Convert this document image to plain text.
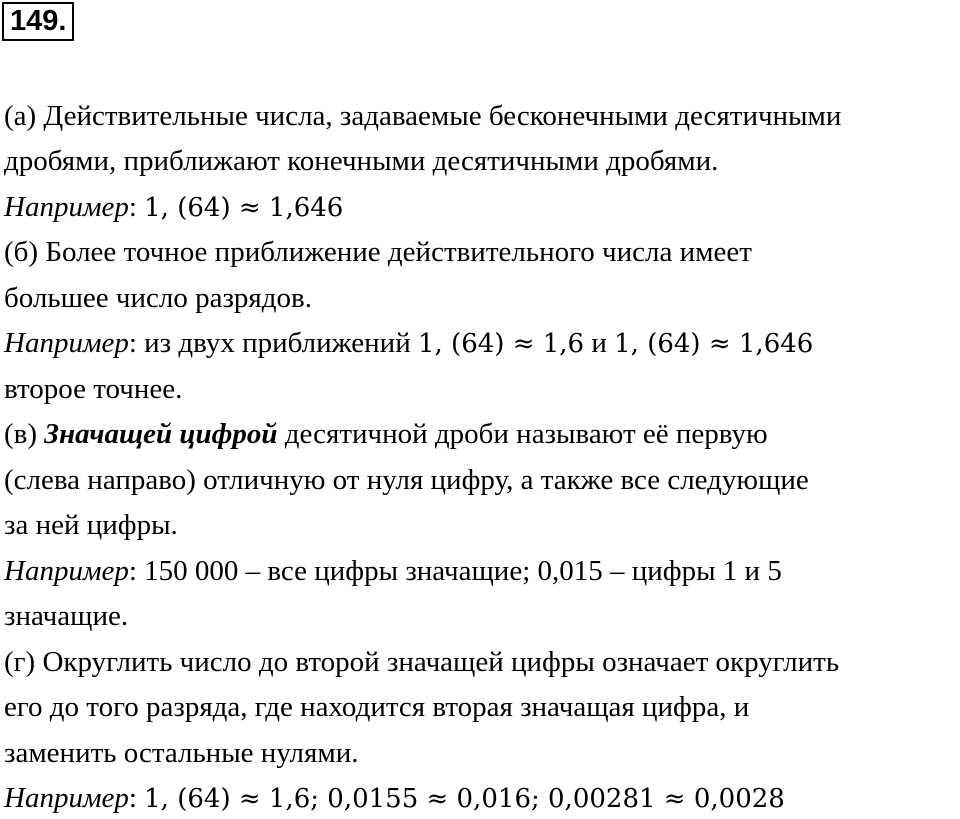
149.
(а) Действительные числа, задаваемые бесконечными десятичными
дробями, приближают конечными десятичными дробями.
Например: 1, (64) ≈ 1,646
(б) Более точное приближение действительного числа имеет
большее число разрядов.
Например: из двух приближений 1, (64) ≈ 1,6 и 1, (64) ≈ 1,646
второе точнее.
(в) Значащей цифрой десятичной дроби называют её первую
(слева направо) отличную от нуля цифру, а также все следующие
за ней цифры.
Например: 150 000 – все цифры значащие; 0,015 – цифры 1 и 5
значащие.
(г) Округлить число до второй значащей цифры означает округлить
его до того разряда, где находится вторая значащая цифра, и
заменить остальные нулями.
Например: 1, (64) ≈ 1,6; 0,0155 ≈ 0,016; 0,00281 ≈ 0,0028
